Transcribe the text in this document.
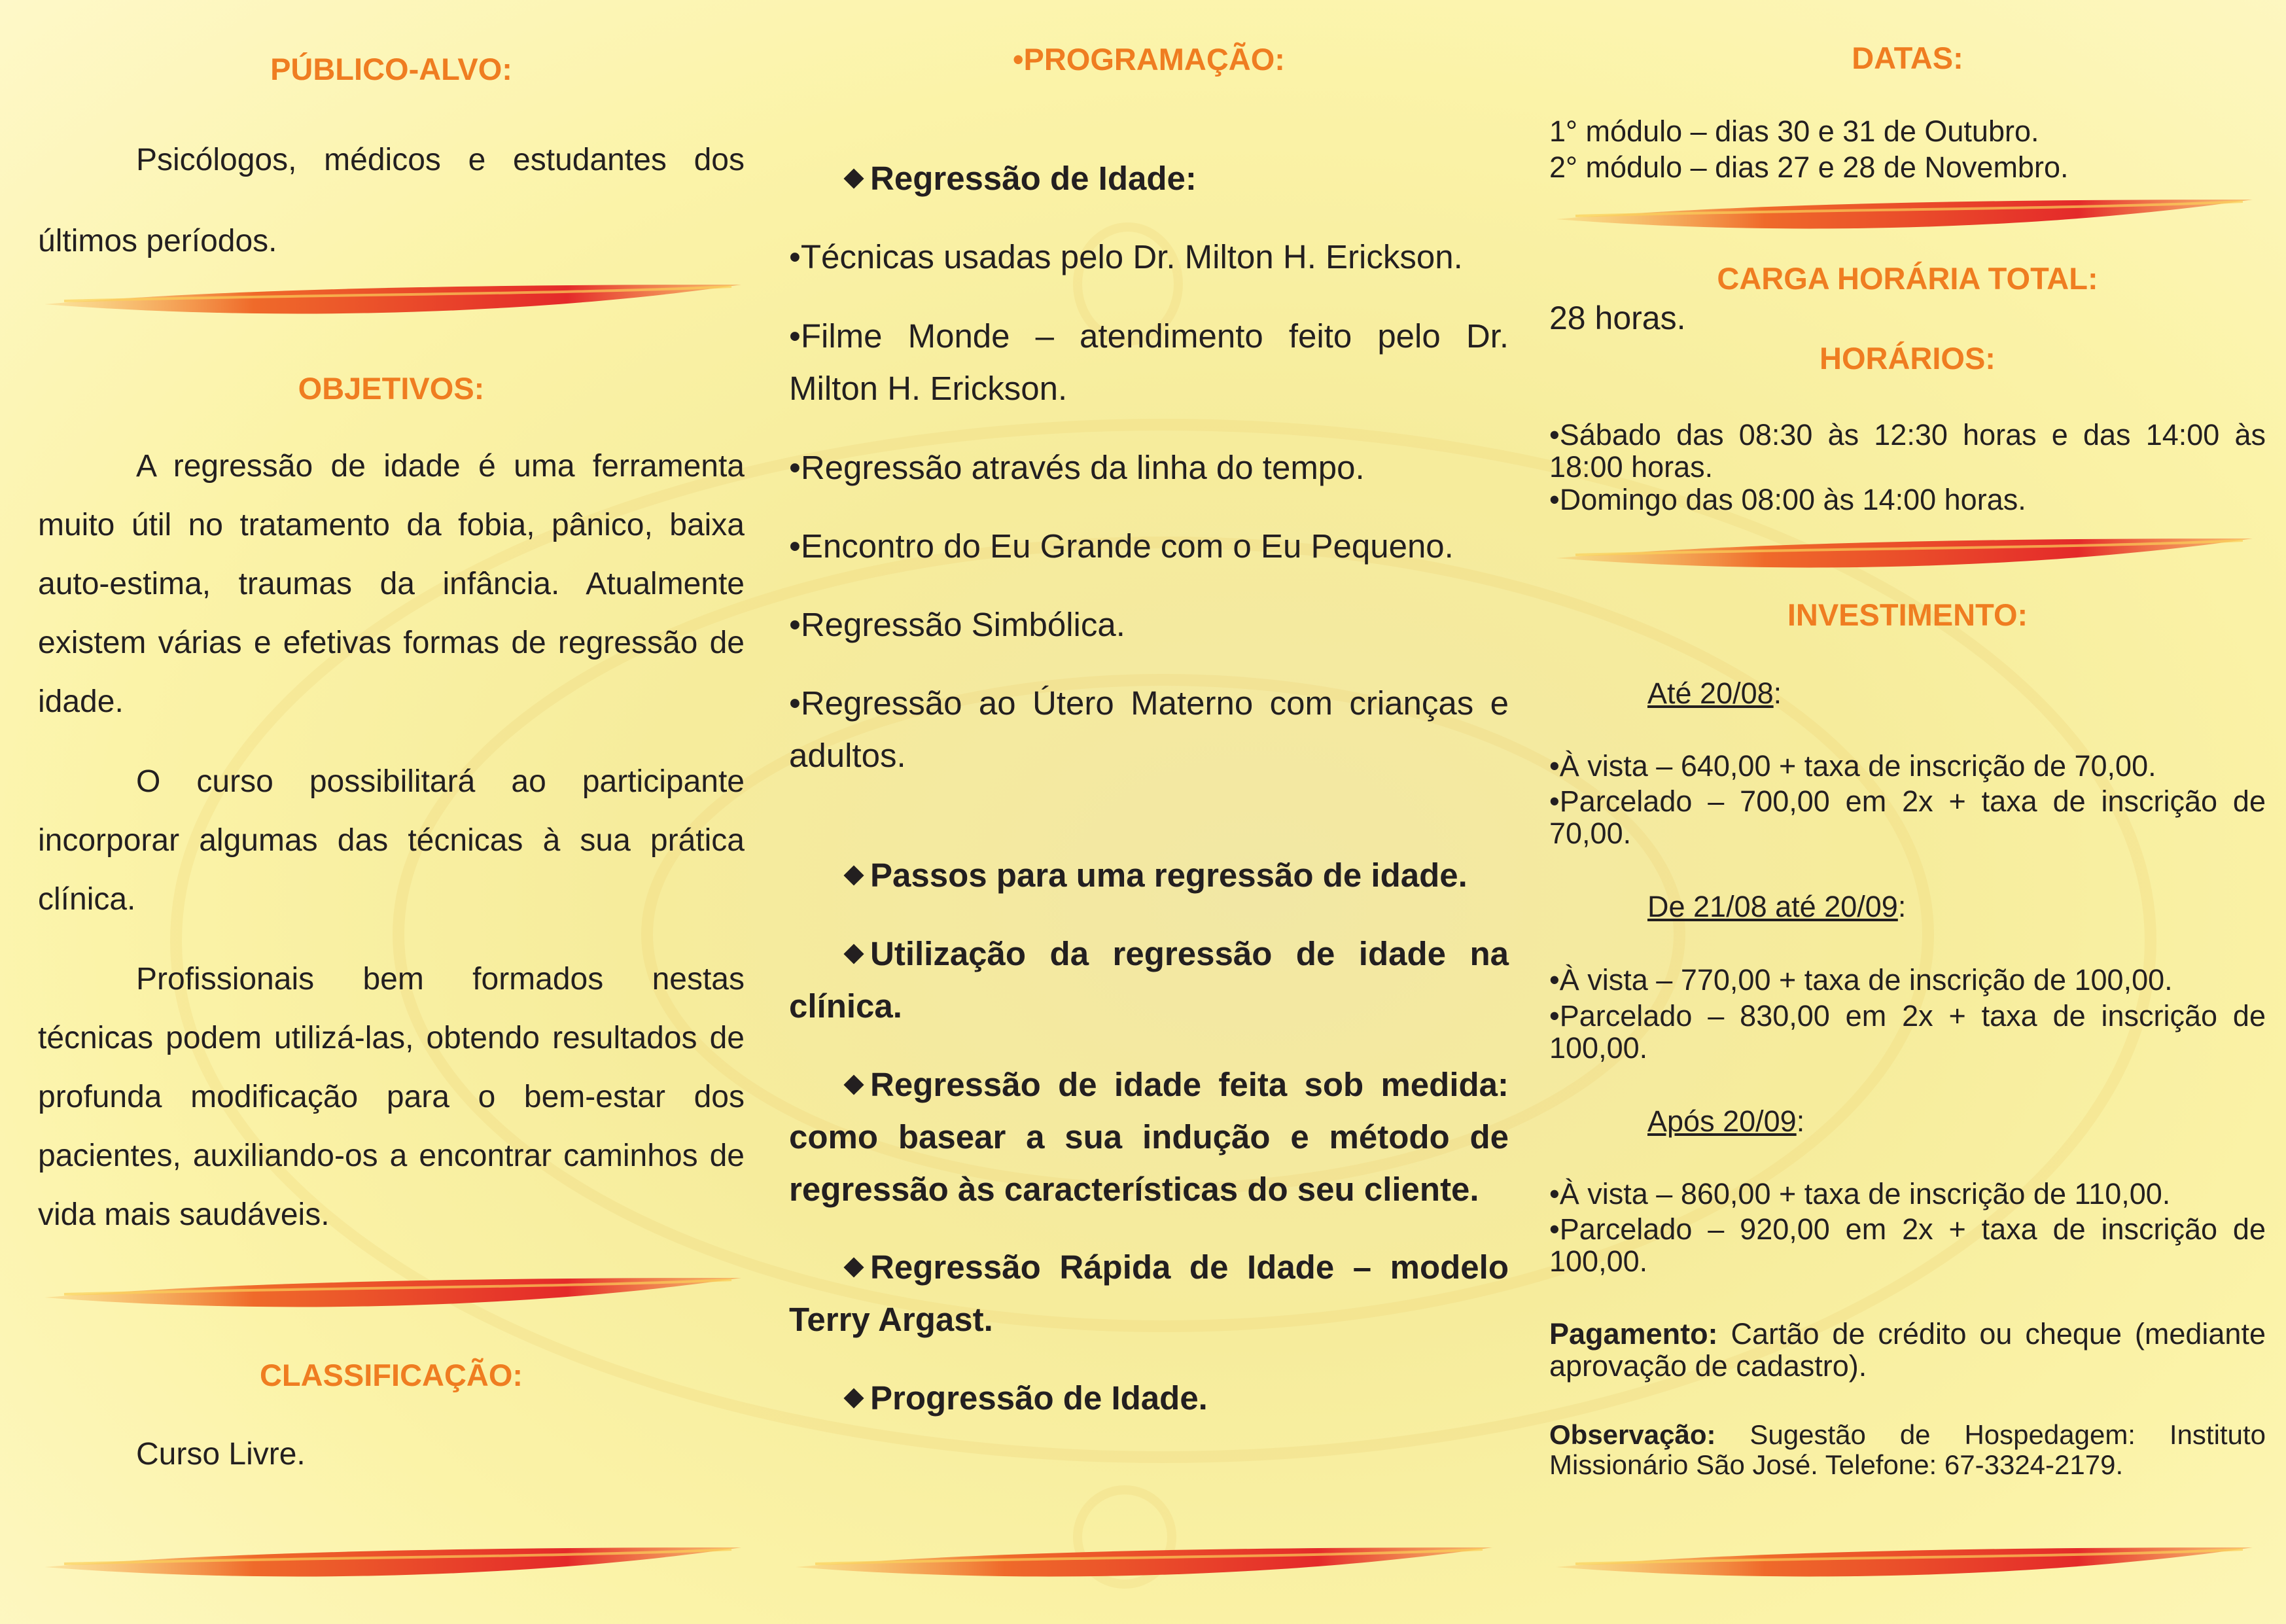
PÚBLICO-ALVO:

Psicólogos, médicos e estudantes dos últimos períodos.

OBJETIVOS:

A regressão de idade é uma ferramenta muito útil no tratamento da fobia, pânico, baixa auto-estima, traumas da infância. Atualmente existem várias e efetivas formas de regressão de idade.

O curso possibilitará ao participante incorporar algumas das técnicas à sua prática clínica.

Profissionais bem formados nestas técnicas podem utilizá-las, obtendo resultados de profunda modificação para o bem-estar dos pacientes, auxiliando-os a encontrar caminhos de vida mais saudáveis.

CLASSIFICAÇÃO:

Curso Livre.

•PROGRAMAÇÃO:

Regressão de Idade:

•Técnicas usadas pelo Dr. Milton H. Erickson.

•Filme Monde – atendimento feito pelo Dr. Milton H. Erickson.

•Regressão através da linha do tempo.

•Encontro do Eu Grande com o Eu Pequeno.

•Regressão Simbólica.

•Regressão ao Útero Materno com crianças e adultos.

Passos para uma regressão de idade.

Utilização da regressão de idade na clínica.

Regressão de idade feita sob medida: como basear a sua indução e método de regressão às características do seu cliente.

Regressão Rápida de Idade – modelo Terry Argast.

Progressão de Idade.

DATAS:

1° módulo – dias 30 e 31 de Outubro.

2° módulo – dias 27 e 28 de Novembro.

CARGA HORÁRIA TOTAL:

28 horas.

HORÁRIOS:

•Sábado das 08:30 às 12:30 horas e das 14:00 às 18:00 horas.

•Domingo das 08:00 às 14:00 horas.

INVESTIMENTO:

Até 20/08:

•À vista – 640,00 + taxa de inscrição de 70,00.

•Parcelado – 700,00 em 2x + taxa de inscrição de 70,00.

De 21/08 até 20/09:

•À vista – 770,00 + taxa de inscrição de 100,00.

•Parcelado – 830,00 em 2x + taxa de inscrição de 100,00.

Após 20/09:

•À vista – 860,00 + taxa de inscrição de 110,00.

•Parcelado – 920,00 em 2x + taxa de inscrição de 100,00.

Pagamento: Cartão de crédito ou cheque (mediante aprovação de cadastro).

Observação: Sugestão de Hospedagem: Instituto Missionário São José. Telefone: 67-3324-2179.
